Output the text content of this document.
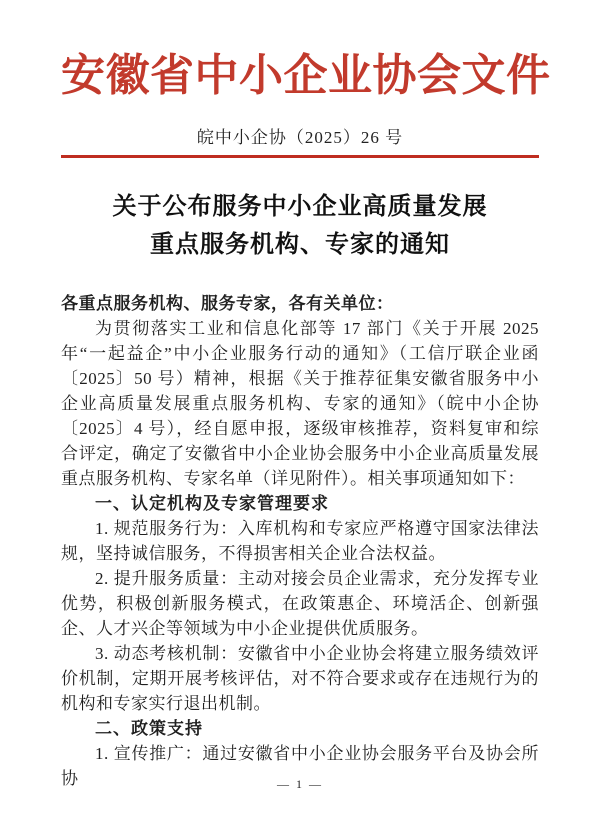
安徽省中小企业协会文件
皖中小企协（2025）26 号
关于公布服务中小企业高质量发展
重点服务机构、专家的通知

各重点服务机构、服务专家，各有关单位：

为贯彻落实工业和信息化部等 17 部门《关于开展 2025 年“一起益企”中小企业服务行动的通知》（工信厅联企业函〔2025〕50 号）精神，根据《关于推荐征集安徽省服务中小企业高质量发展重点服务机构、专家的通知》（皖中小企协〔2025〕4 号），经自愿申报，逐级审核推荐，资料复审和综合评定，确定了安徽省中小企业协会服务中小企业高质量发展重点服务机构、专家名单（详见附件）。相关事项通知如下：

一、认定机构及专家管理要求

1. 规范服务行为：入库机构和专家应严格遵守国家法律法规，坚持诚信服务，不得损害相关企业合法权益。

2. 提升服务质量：主动对接会员企业需求，充分发挥专业优势，积极创新服务模式，在政策惠企、环境活企、创新强企、人才兴企等领域为中小企业提供优质服务。

3. 动态考核机制：安徽省中小企业协会将建立服务绩效评价机制，定期开展考核评估，对不符合要求或存在违规行为的机构和专家实行退出机制。

二、政策支持

1. 宣传推广：通过安徽省中小企业协会服务平台及协会所协	— 1 —
